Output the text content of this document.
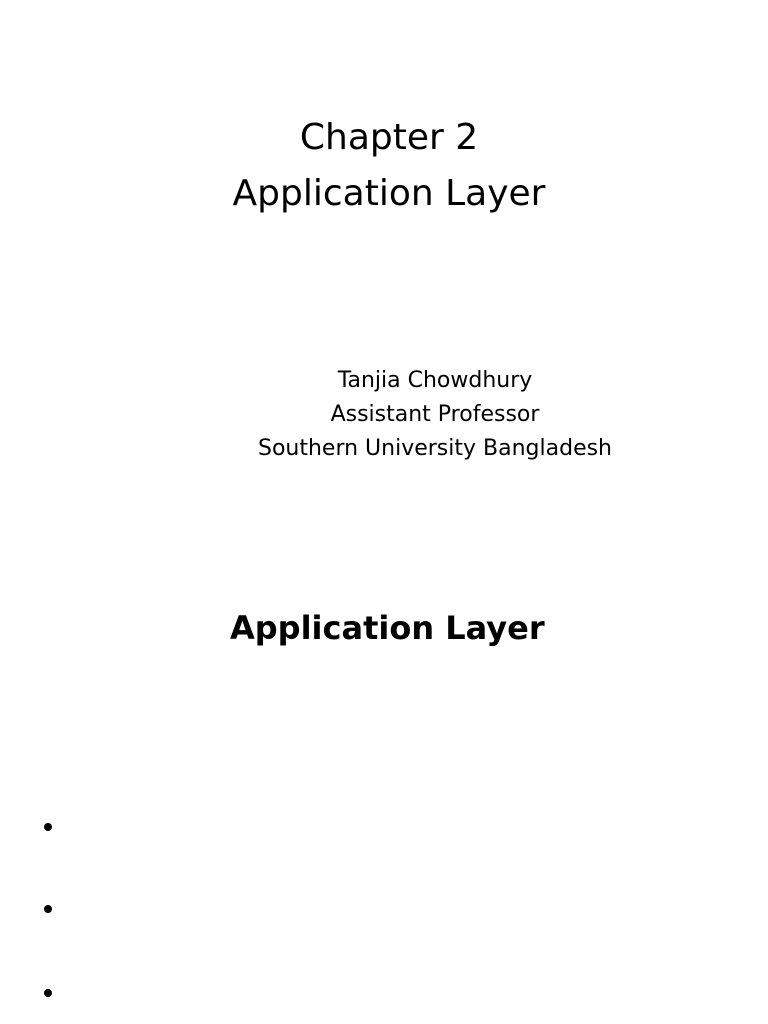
Chapter 2
Application Layer
Tanjia Chowdhury
Assistant Professor
Southern University Bangladesh
Application Layer
